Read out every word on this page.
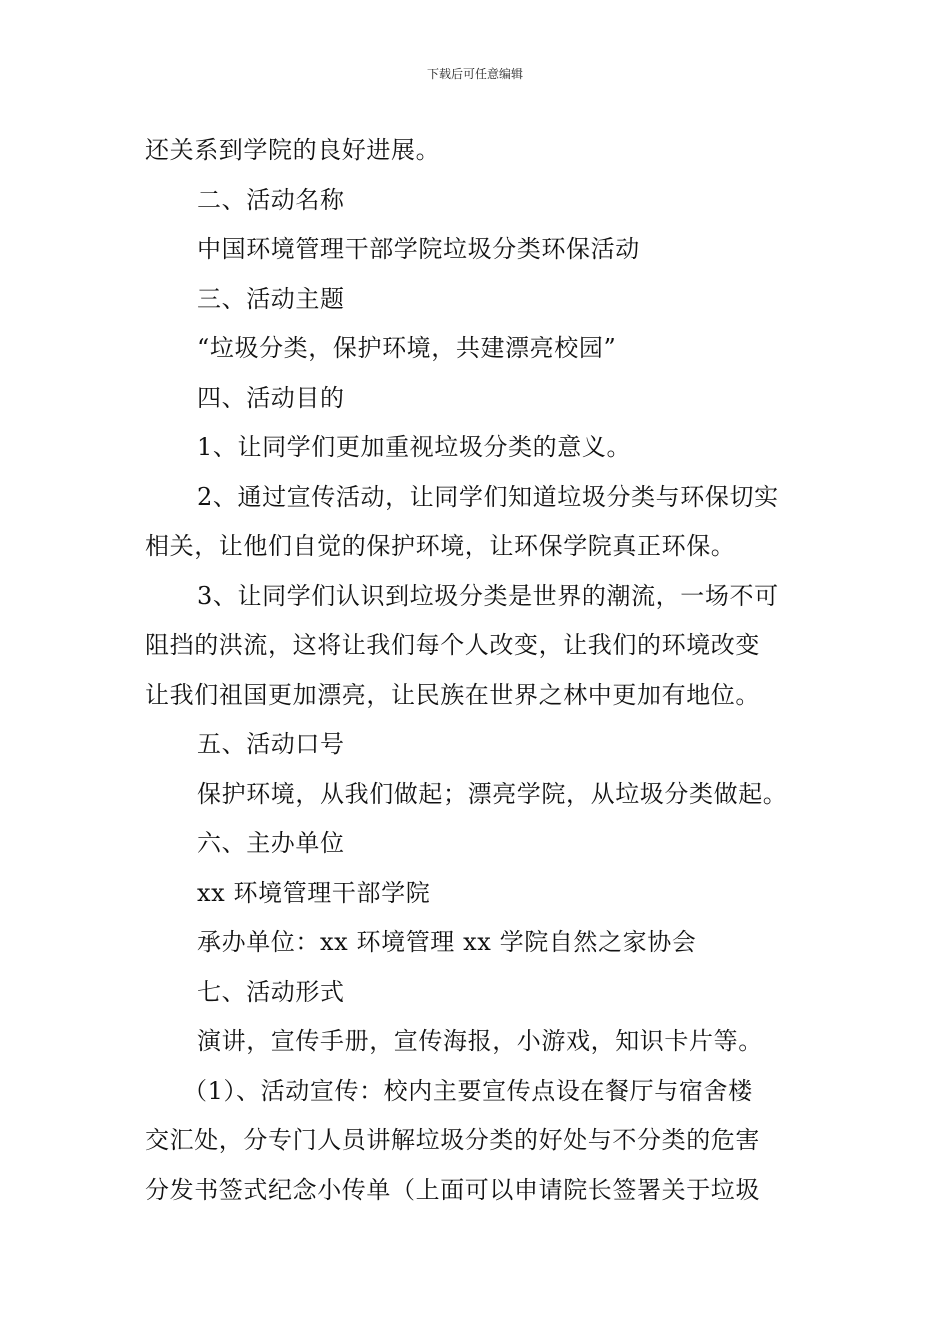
下载后可任意编辑

还关系到学院的良好进展。

二、活动名称

中国环境管理干部学院垃圾分类环保活动

三、活动主题

“垃圾分类，保护环境，共建漂亮校园”

四、活动目的

1、让同学们更加重视垃圾分类的意义。

2、通过宣传活动，让同学们知道垃圾分类与环保切实

相关，让他们自觉的保护环境，让环保学院真正环保。

3、让同学们认识到垃圾分类是世界的潮流，一场不可

阻挡的洪流，这将让我们每个人改变，让我们的环境改变

让我们祖国更加漂亮，让民族在世界之林中更加有地位。

五、活动口号

保护环境，从我们做起；漂亮学院，从垃圾分类做起。

六、主办单位

xx 环境管理干部学院

承办单位：xx 环境管理 xx 学院自然之家协会

七、活动形式

演讲，宣传手册，宣传海报，小游戏，知识卡片等。

（1）、活动宣传：校内主要宣传点设在餐厅与宿舍楼

交汇处，分专门人员讲解垃圾分类的好处与不分类的危害

分发书签式纪念小传单（上面可以申请院长签署关于垃圾
